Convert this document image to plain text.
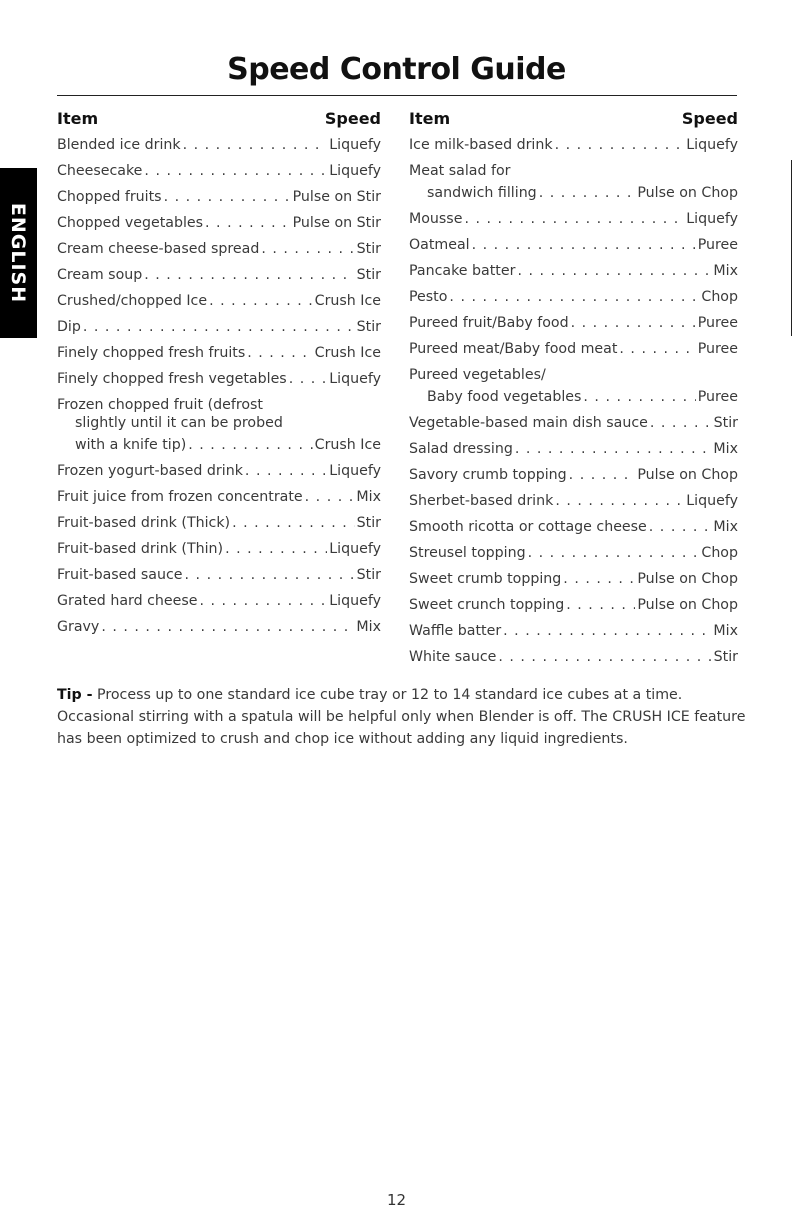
Speed Control Guide
ENGLISH
Item	Speed
Blended ice drink . . .	Liquefy
Cheesecake . . .	Liquefy
Chopped fruits . . .	Pulse on Stir
Chopped vegetables . . .	Pulse on Stir
Cream cheese-based spread . . .	Stir
Cream soup . . .	Stir
Crushed/chopped Ice . . .	Crush Ice
Dip . . .	Stir
Finely chopped fresh fruits . . .	Crush Ice
Finely chopped fresh vegetables . . .	Liquefy
Frozen chopped fruit (defrost
slightly until it can be probed
with a knife tip) . . .	Crush Ice
Frozen yogurt-based drink . . .	Liquefy
Fruit juice from frozen concentrate . . .	Mix
Fruit-based drink (Thick) . . .	Stir
Fruit-based drink (Thin) . . .	Liquefy
Fruit-based sauce . . .	Stir
Grated hard cheese . . .	Liquefy
Gravy . . .	Mix
Item	Speed
Ice milk-based drink . . .	Liquefy
Meat salad for
sandwich filling . . .	Pulse on Chop
Mousse . . .	Liquefy
Oatmeal . . .	Puree
Pancake batter . . .	Mix
Pesto . . .	Chop
Pureed fruit/Baby food . . .	Puree
Pureed meat/Baby food meat . . .	Puree
Pureed vegetables/
Baby food vegetables . . .	Puree
Vegetable-based main dish sauce . . .	Stir
Salad dressing . . .	Mix
Savory crumb topping . . .	Pulse on Chop
Sherbet-based drink . . .	Liquefy
Smooth ricotta or cottage cheese . . .	Mix
Streusel topping . . .	Chop
Sweet crumb topping . . .	Pulse on Chop
Sweet crunch topping . . .	Pulse on Chop
Waffle batter . . .	Mix
White sauce . . .	Stir
Tip - Process up to one standard ice cube tray or 12 to 14 standard ice cubes at a time. Occasional stirring with a spatula will be helpful only when Blender is off. The CRUSH ICE feature has been optimized to crush and chop ice without adding any liquid ingredients.
12
